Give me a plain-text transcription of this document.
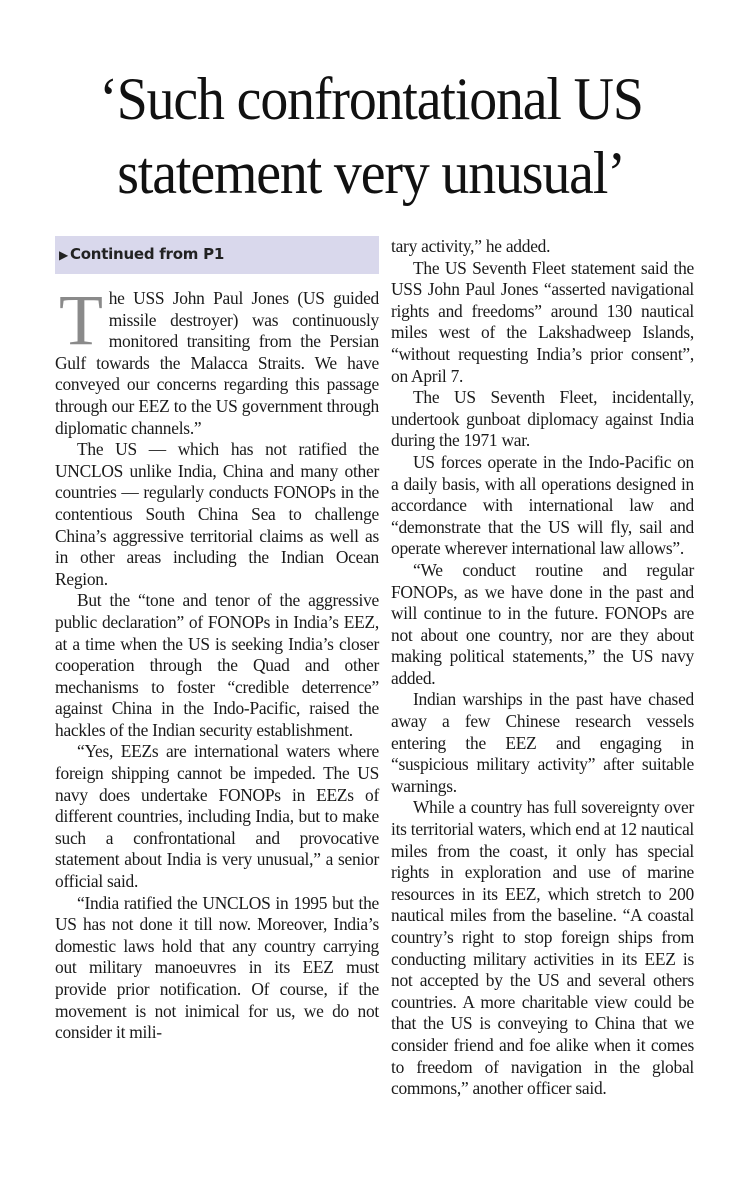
‘Such confrontational US
statement very unusual’
▶ Continued from P1

The USS John Paul Jones (US guided missile destroyer) was continuously monitored transiting from the Persian Gulf towards the Malacca Straits. We have conveyed our concerns regarding this passage through our EEZ to the US government through diplomatic channels.”

The US — which has not ratified the UNCLOS unlike India, China and many other countries — regularly conducts FONOPs in the contentious South China Sea to challenge China’s aggressive territorial claims as well as in other areas including the Indian Ocean Region.

But the “tone and tenor of the aggressive public declaration” of FONOPs in India’s EEZ, at a time when the US is seeking India’s closer cooperation through the Quad and other mechanisms to foster “credible deterrence” against China in the Indo-Pacific, raised the hackles of the Indian security establishment.

“Yes, EEZs are international waters where foreign shipping cannot be impeded. The US navy does undertake FONOPs in EEZs of different countries, including India, but to make such a confrontational and provocative statement about India is very unusual,” a senior official said.

“India ratified the UNCLOS in 1995 but the US has not done it till now. Moreover, India’s domestic laws hold that any country carrying out military manoeuvres in its EEZ must provide prior notification. Of course, if the movement is not inimical for us, we do not consider it mili-

tary activity,” he added.

The US Seventh Fleet statement said the USS John Paul Jones “asserted navigational rights and freedoms” around 130 nautical miles west of the Lakshadweep Islands, “without requesting India’s prior consent”, on April 7.

The US Seventh Fleet, incidentally, undertook gunboat diplomacy against India during the 1971 war.

US forces operate in the Indo-Pacific on a daily basis, with all operations designed in accordance with international law and “demonstrate that the US will fly, sail and operate wherever international law allows”.

“We conduct routine and regular FONOPs, as we have done in the past and will continue to in the future. FONOPs are not about one country, nor are they about making political statements,” the US navy added.

Indian warships in the past have chased away a few Chinese research vessels entering the EEZ and engaging in “suspicious military activity” after suitable warnings.

While a country has full sovereignty over its territorial waters, which end at 12 nautical miles from the coast, it only has special rights in exploration and use of marine resources in its EEZ, which stretch to 200 nautical miles from the baseline. “A coastal country’s right to stop foreign ships from conducting military activities in its EEZ is not accepted by the US and several others countries. A more charitable view could be that the US is conveying to China that we consider friend and foe alike when it comes to freedom of navigation in the global commons,” another officer said.
